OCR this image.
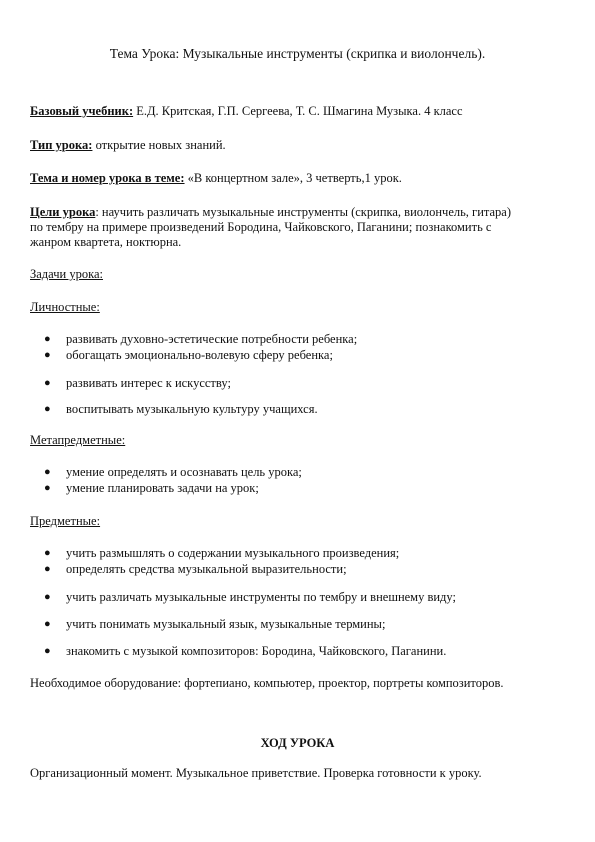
Тема Урока: Музыкальные инструменты (скрипка и виолончель).
Базовый учебник: Е.Д. Критская, Г.П. Сергеева, Т. С. Шмагина Музыка. 4 класс
Тип урока: открытие новых знаний.
Тема и номер урока в теме: «В концертном зале», 3 четверть,1 урок.
Цели урока: научить различать музыкальные инструменты (скрипка, виолончель, гитара)
по тембру на примере произведений Бородина, Чайковского, Паганини; познакомить с
жанром квартета, ноктюрна.
Задачи урока:
Личностные:
● развивать духовно-эстетические потребности ребенка;
● обогащать эмоционально-волевую сферу ребенка;
● развивать интерес к искусству;
● воспитывать музыкальную культуру учащихся.
Метапредметные:
● умение определять и осознавать цель урока;
● умение планировать задачи на урок;
Предметные:
● учить размышлять о содержании музыкального произведения;
● определять средства музыкальной выразительности;
● учить различать музыкальные инструменты по тембру и внешнему виду;
● учить понимать музыкальный язык, музыкальные термины;
● знакомить с музыкой композиторов: Бородина, Чайковского, Паганини.
Необходимое оборудование: фортепиано, компьютер, проектор, портреты композиторов.
ХОД УРОКА
Организационный момент. Музыкальное приветствие. Проверка готовности к уроку.
